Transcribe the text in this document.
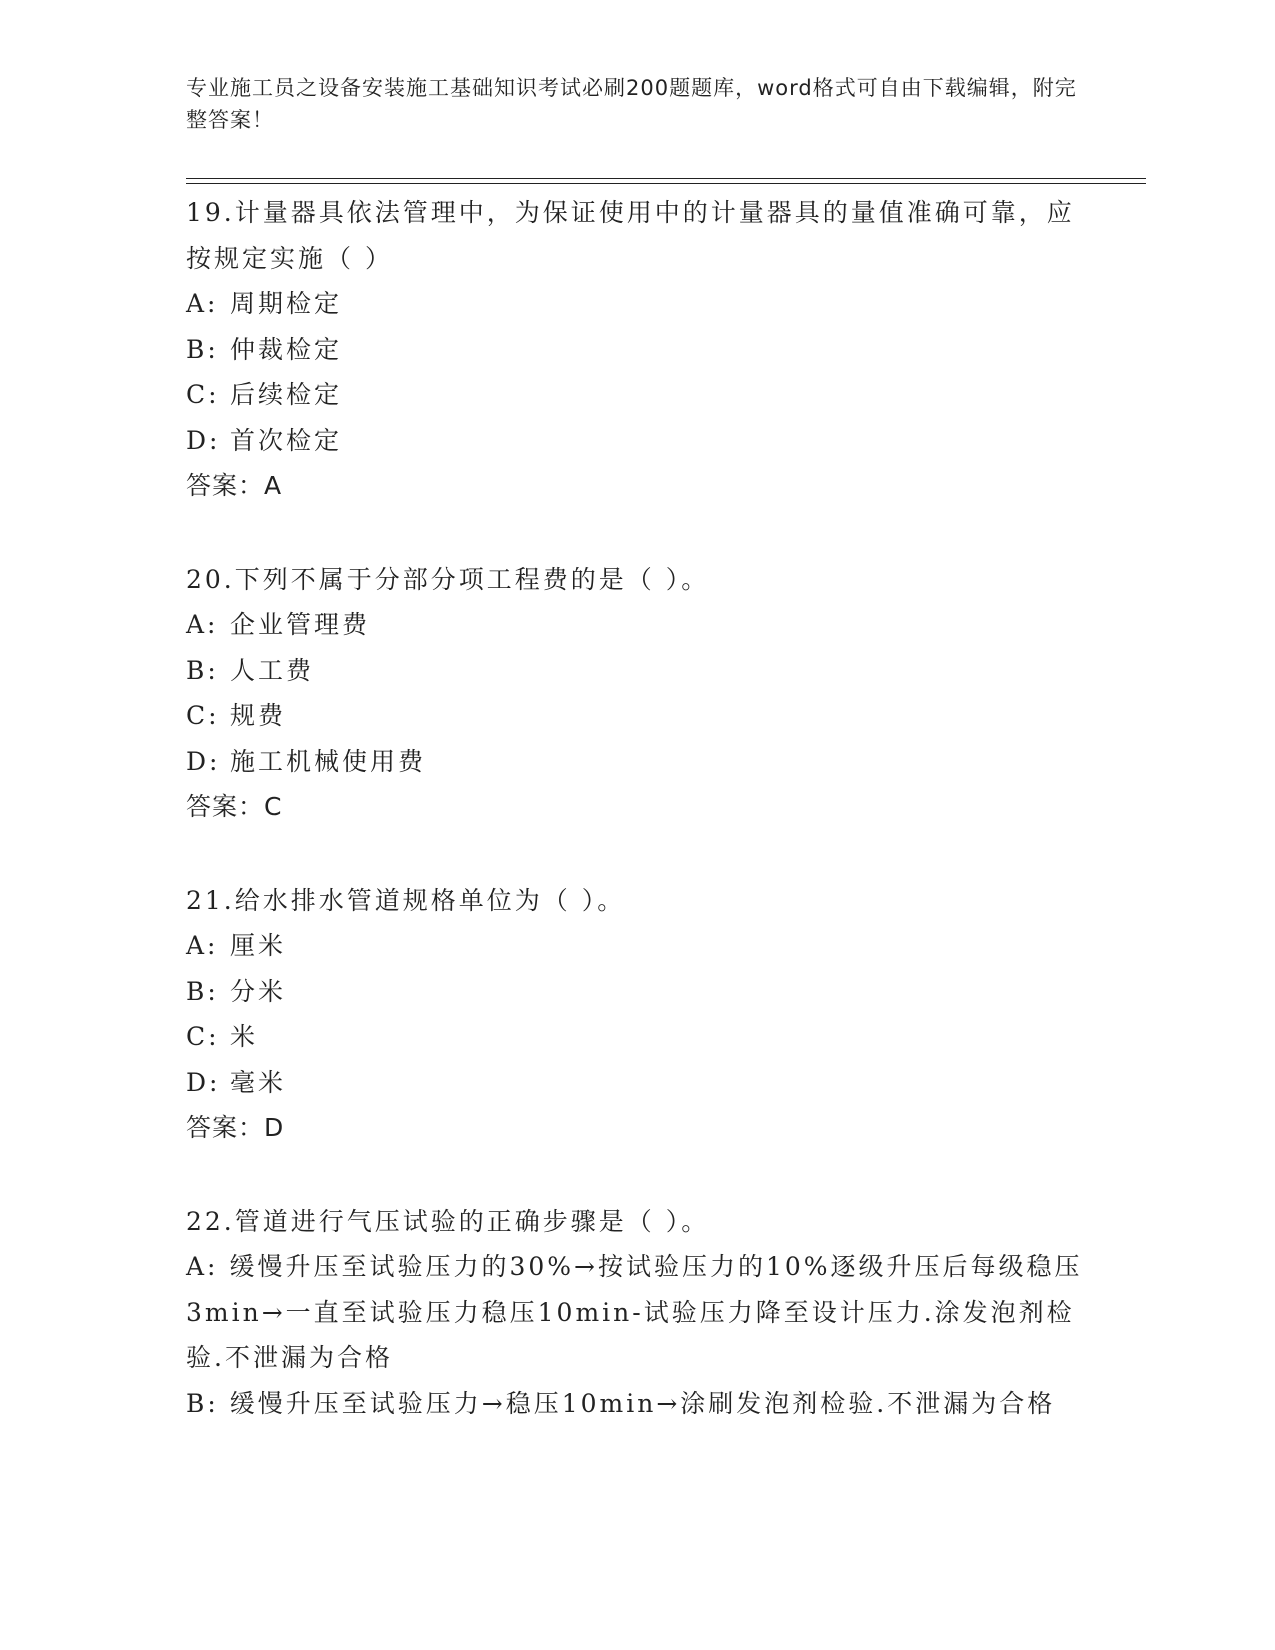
专业施工员之设备安装施工基础知识考试必刷200题题库，word格式可自由下载编辑，附完整答案！
19.计量器具依法管理中，为保证使用中的计量器具的量值准确可靠，应按规定实施（ ）
A: 周期检定
B: 仲裁检定
C: 后续检定
D: 首次检定
答案：A
20.下列不属于分部分项工程费的是（ ）。
A: 企业管理费
B: 人工费
C: 规费
D: 施工机械使用费
答案：C
21.给水排水管道规格单位为（ ）。
A: 厘米
B: 分米
C: 米
D: 毫米
答案：D
22.管道进行气压试验的正确步骤是（ ）。
A: 缓慢升压至试验压力的30%→按试验压力的10%逐级升压后每级稳压3min→一直至试验压力稳压10min-试验压力降至设计压力.涂发泡剂检验.不泄漏为合格
B: 缓慢升压至试验压力→稳压10min→涂刷发泡剂检验.不泄漏为合格
